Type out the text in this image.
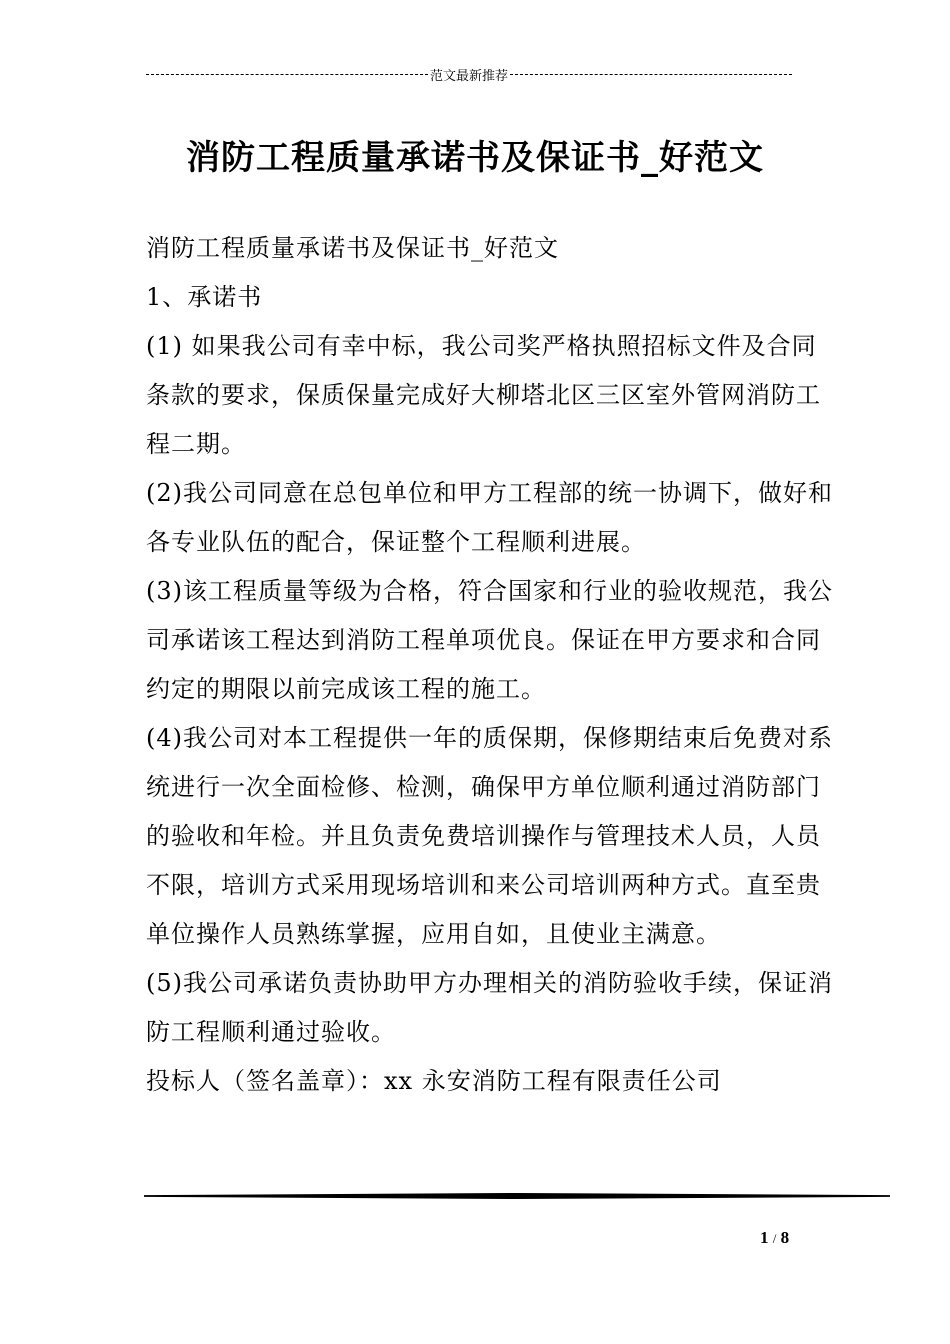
范文最新推荐
消防工程质量承诺书及保证书_好范文

消防工程质量承诺书及保证书_好范文

1、承诺书

(1) 如果我公司有幸中标，我公司奖严格执照招标文件及合同条款的要求，保质保量完成好大柳塔北区三区室外管网消防工程二期。

(2)我公司同意在总包单位和甲方工程部的统一协调下，做好和各专业队伍的配合，保证整个工程顺利进展。

(3)该工程质量等级为合格，符合国家和行业的验收规范，我公司承诺该工程达到消防工程单项优良。保证在甲方要求和合同约定的期限以前完成该工程的施工。

(4)我公司对本工程提供一年的质保期，保修期结束后免费对系统进行一次全面检修、检测，确保甲方单位顺利通过消防部门的验收和年检。并且负责免费培训操作与管理技术人员，人员不限，培训方式采用现场培训和来公司培训两种方式。直至贵单位操作人员熟练掌握，应用自如，且使业主满意。

(5)我公司承诺负责协助甲方办理相关的消防验收手续，保证消防工程顺利通过验收。

投标人（签名盖章）：xx 永安消防工程有限责任公司

1 / 8
